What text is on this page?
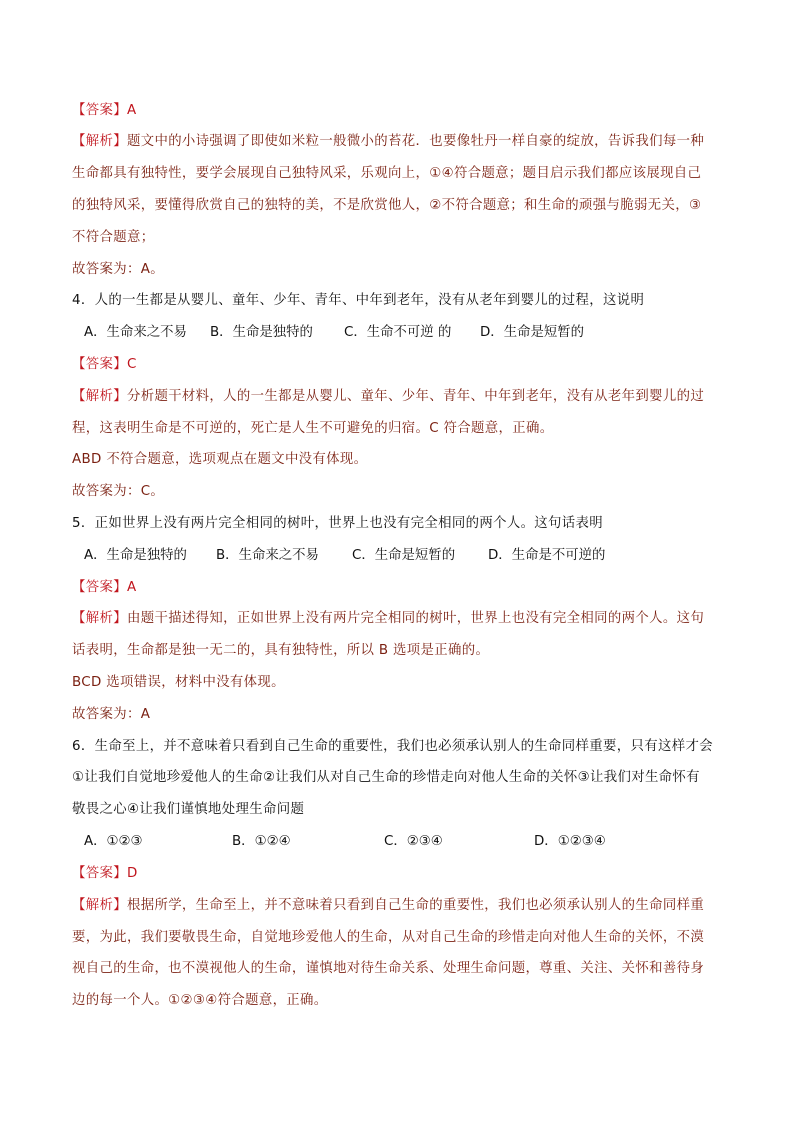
【答案】A
【解析】题文中的小诗强调了即使如米粒一般微小的苔花．也要像牡丹一样自豪的绽放，告诉我们每一种
生命都具有独特性，要学会展现自己独特风采，乐观向上，①④符合题意；题目启示我们都应该展现自己
的独特风采，要懂得欣赏自己的独特的美，不是欣赏他人，②不符合题意；和生命的顽强与脆弱无关，③
不符合题意；
故答案为：A。
4．人的一生都是从婴儿、童年、少年、青年、中年到老年，没有从老年到婴儿的过程，这说明
A．生命来之不易 B．生命是独特的 C．生命不可逆 的 D．生命是短暂的
【答案】C
【解析】分析题干材料，人的一生都是从婴儿、童年、少年、青年、中年到老年，没有从老年到婴儿的过
程，这表明生命是不可逆的，死亡是人生不可避免的归宿。C 符合题意，正确。
ABD 不符合题意，选项观点在题文中没有体现。
故答案为：C。
5．正如世界上没有两片完全相同的树叶，世界上也没有完全相同的两个人。这句话表明
A．生命是独特的 B．生命来之不易 C．生命是短暂的 D．生命是不可逆的
【答案】A
【解析】由题干描述得知，正如世界上没有两片完全相同的树叶，世界上也没有完全相同的两个人。这句
话表明，生命都是独一无二的，具有独特性，所以 B 选项是正确的。
BCD 选项错误，材料中没有体现。
故答案为：A
6．生命至上，并不意味着只看到自己生命的重要性，我们也必须承认别人的生命同样重要，只有这样才会
①让我们自觉地珍爱他人的生命②让我们从对自己生命的珍惜走向对他人生命的关怀③让我们对生命怀有
敬畏之心④让我们谨慎地处理生命问题
A．①②③	B．①②④	C．②③④	D．①②③④
【答案】D
【解析】根据所学，生命至上，并不意味着只看到自己生命的重要性，我们也必须承认别人的生命同样重
要，为此，我们要敬畏生命，自觉地珍爱他人的生命，从对自己生命的珍惜走向对他人生命的关怀，不漠
视自己的生命，也不漠视他人的生命，谨慎地对待生命关系、处理生命问题，尊重、关注、关怀和善待身
边的每一个人。①②③④符合题意，正确。
